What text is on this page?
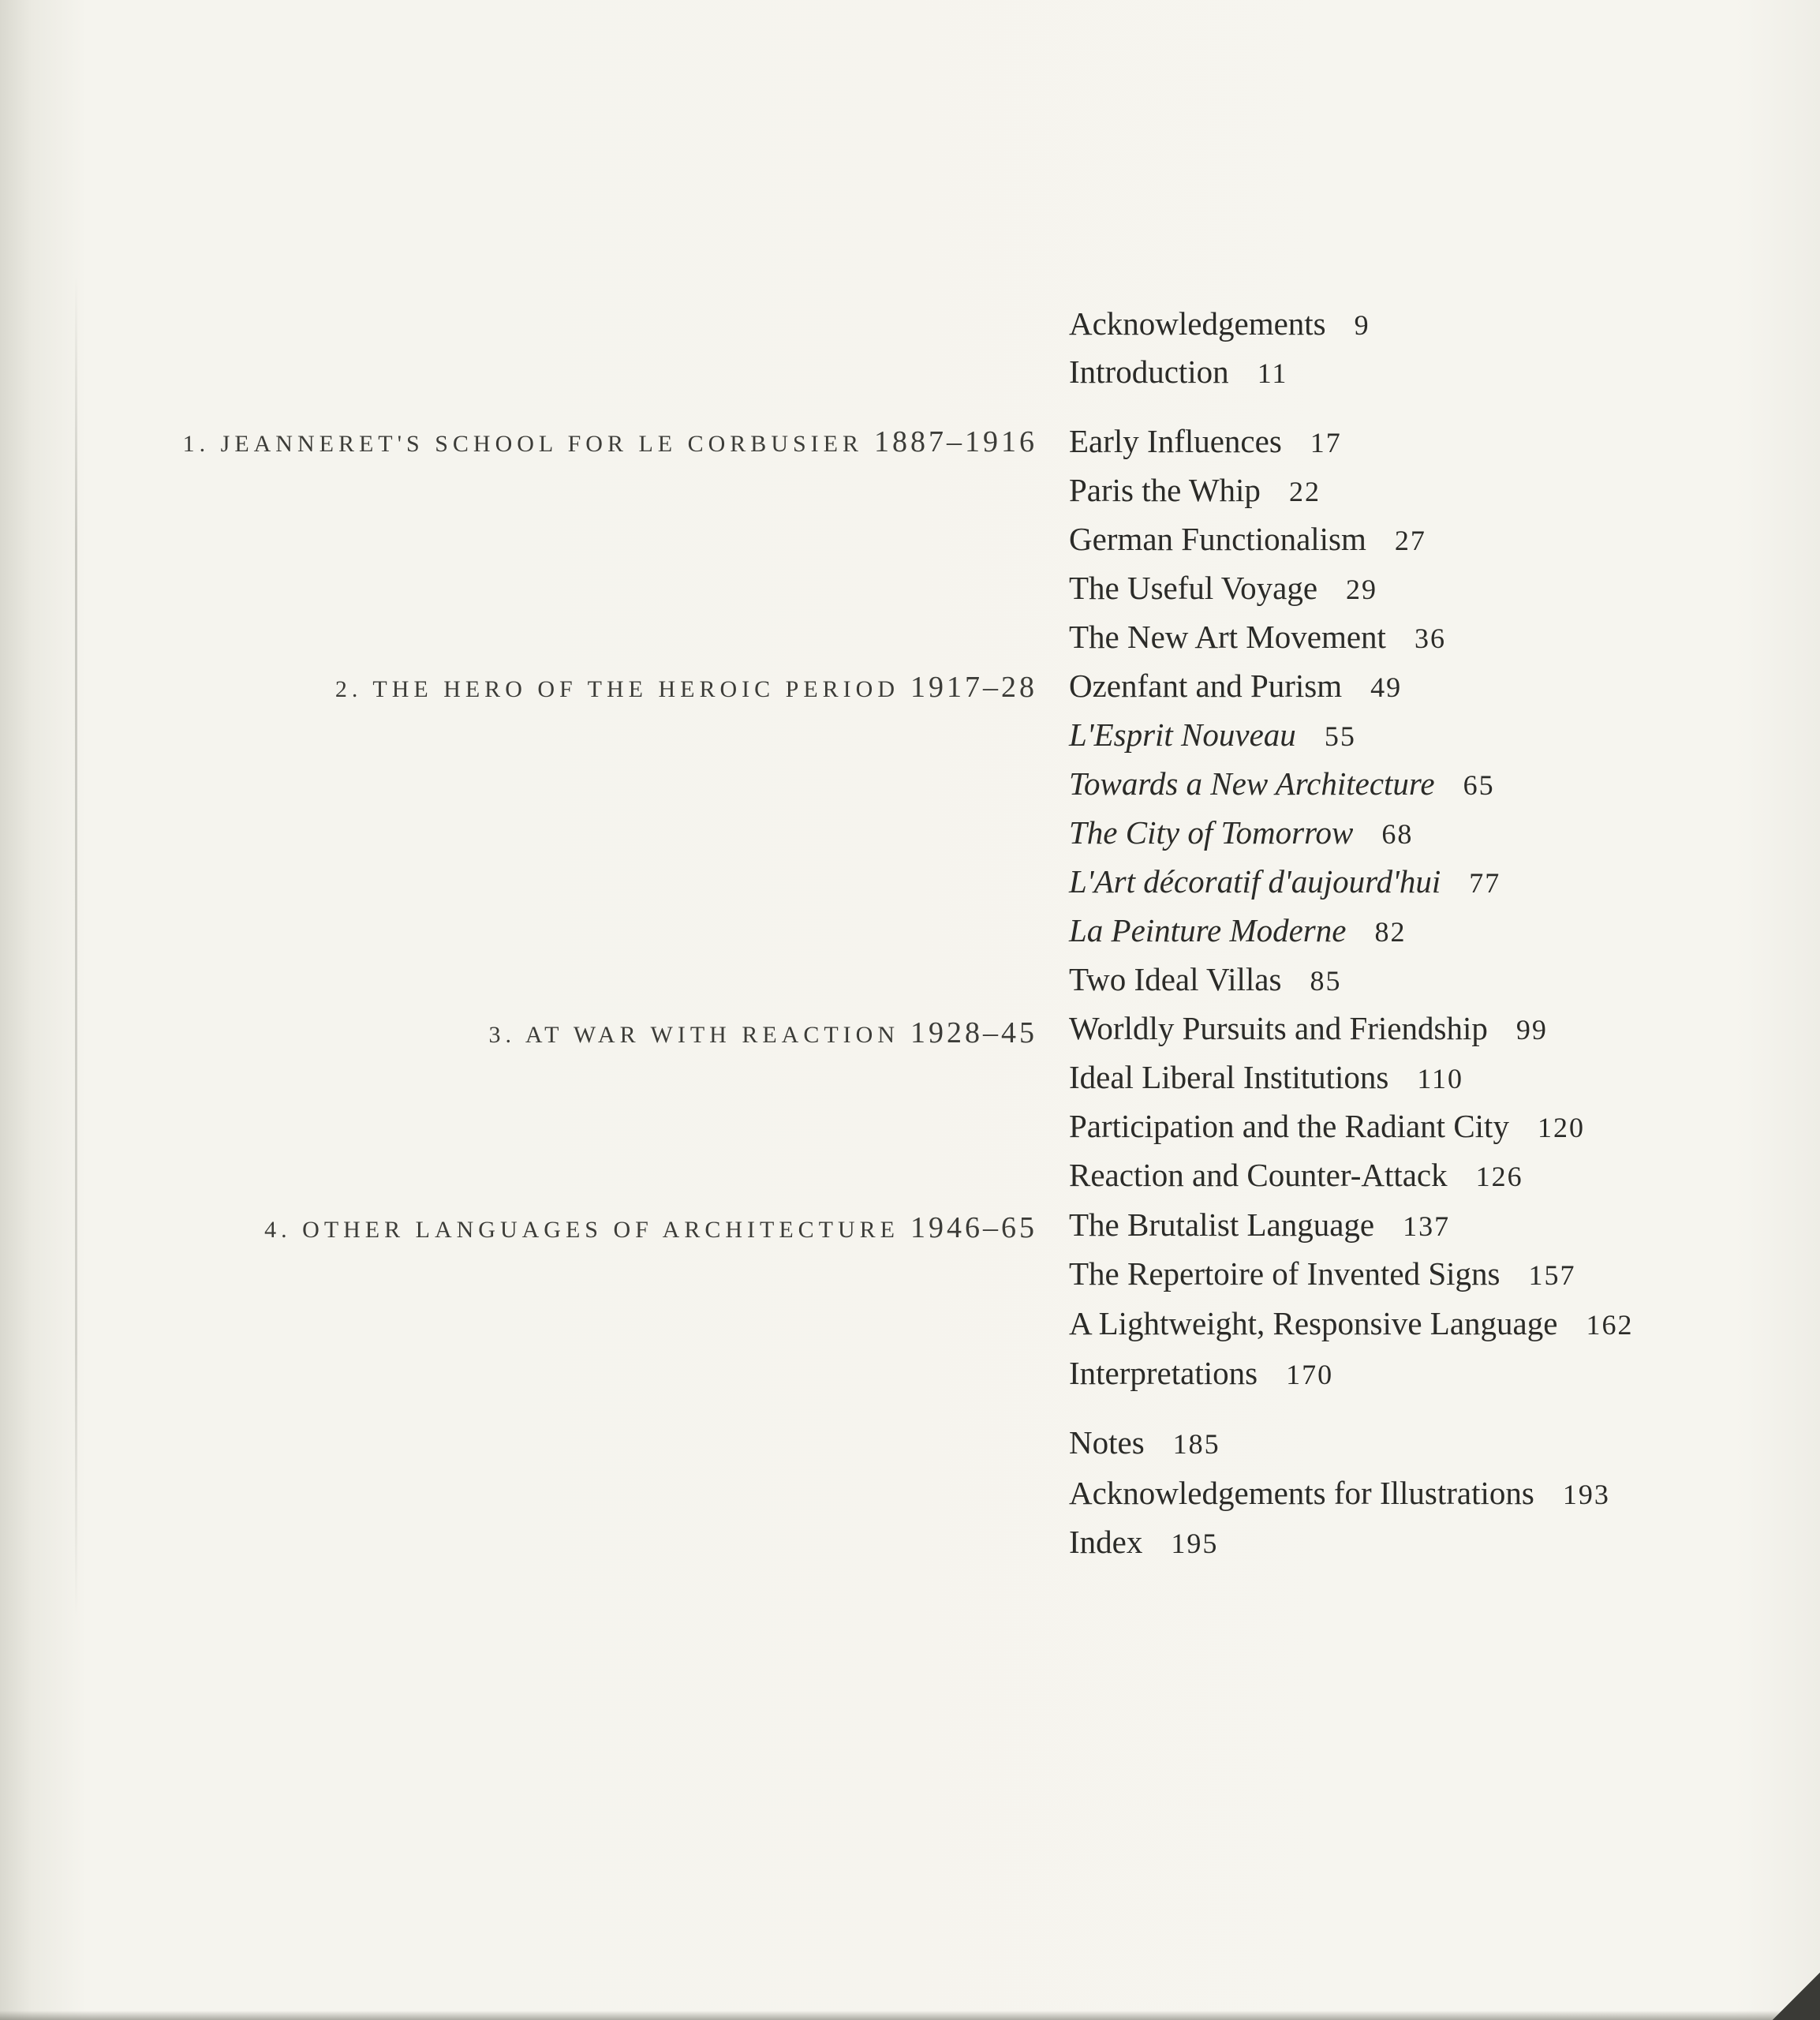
Acknowledgements 9
Introduction 11
1. JEANNERET'S SCHOOL FOR LE CORBUSIER 1887–1916
2. THE HERO OF THE HEROIC PERIOD 1917–28
3. AT WAR WITH REACTION 1928–45
4. OTHER LANGUAGES OF ARCHITECTURE 1946–65
Early Influences 17
Paris the Whip 22
German Functionalism 27
The Useful Voyage 29
The New Art Movement 36
Ozenfant and Purism 49
L'Esprit Nouveau 55
Towards a New Architecture 65
The City of Tomorrow 68
L'Art décoratif d'aujourd'hui 77
La Peinture Moderne 82
Two Ideal Villas 85
Worldly Pursuits and Friendship 99
Ideal Liberal Institutions 110
Participation and the Radiant City 120
Reaction and Counter-Attack 126
The Brutalist Language 137
The Repertoire of Invented Signs 157
A Lightweight, Responsive Language 162
Interpretations 170
Notes 185
Acknowledgements for Illustrations 193
Index 195
